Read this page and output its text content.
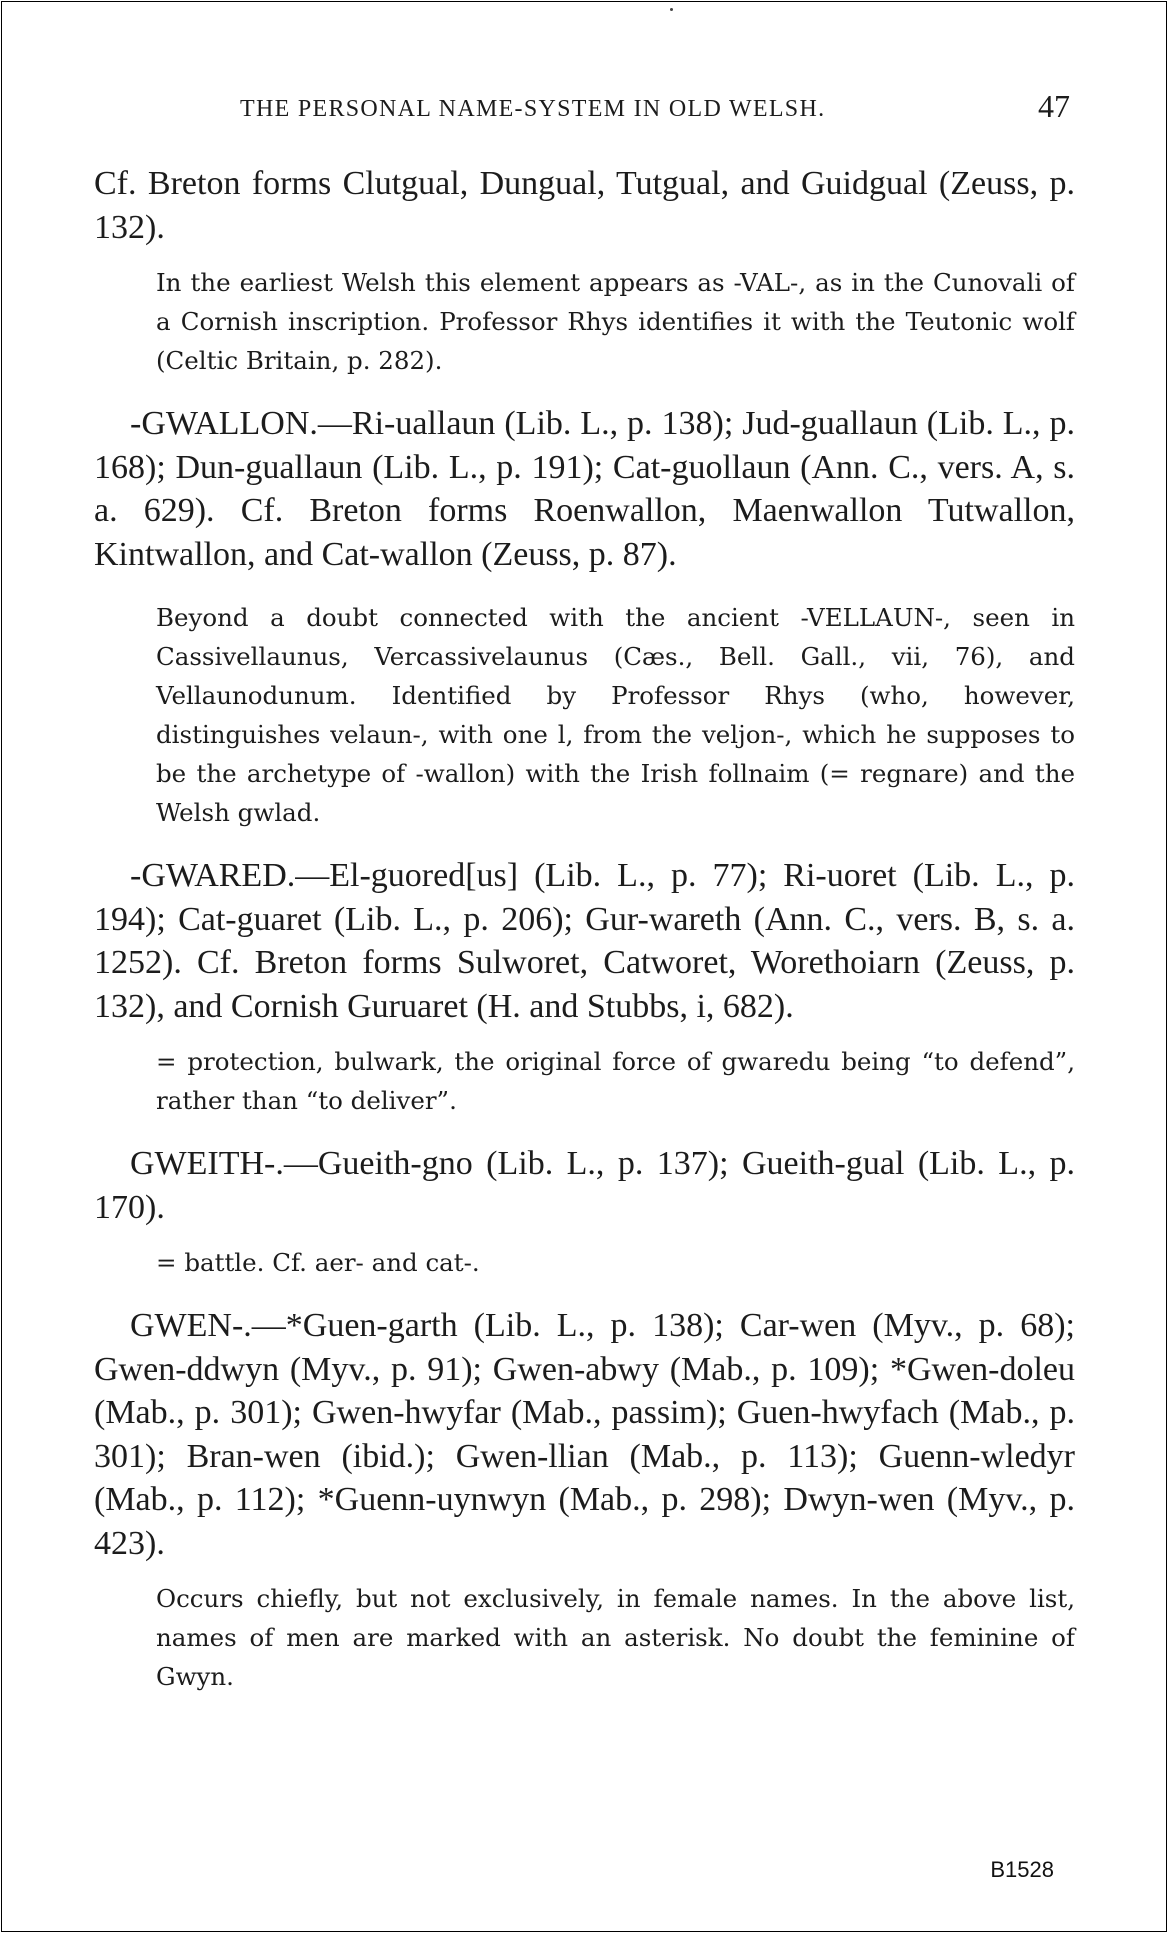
THE PERSONAL NAME-SYSTEM IN OLD WELSH.	47

Cf. Breton forms Clutgual, Dungual, Tutgual, and Guidgual (Zeuss, p. 132).

In the earliest Welsh this element appears as -VAL-, as in the Cunovali of a Cornish inscription. Professor Rhys identifies it with the Teutonic wolf (Celtic Britain, p. 282).

-GWALLON.—Ri-uallaun (Lib. L., p. 138); Jud-guallaun (Lib. L., p. 168); Dun-guallaun (Lib. L., p. 191); Cat-guollaun (Ann. C., vers. A, s. a. 629). Cf. Breton forms Roenwallon, Maenwallon Tutwallon, Kintwallon, and Cat-wallon (Zeuss, p. 87).

Beyond a doubt connected with the ancient -VELLAUN-, seen in Cassivellaunus, Vercassivelaunus (Cæs., Bell. Gall., vii, 76), and Vellaunodunum. Identified by Professor Rhys (who, however, distinguishes velaun-, with one l, from the veljon-, which he supposes to be the archetype of -wallon) with the Irish follnaim (= regnare) and the Welsh gwlad.

-GWARED.—El-guored[us] (Lib. L., p. 77); Ri-uoret (Lib. L., p. 194); Cat-guaret (Lib. L., p. 206); Gur-wareth (Ann. C., vers. B, s. a. 1252). Cf. Breton forms Sulworet, Catworet, Worethoiarn (Zeuss, p. 132), and Cornish Guruaret (H. and Stubbs, i, 682).

= protection, bulwark, the original force of gwaredu being “to defend”, rather than “to deliver”.

GWEITH-.—Gueith-gno (Lib. L., p. 137); Gueith-gual (Lib. L., p. 170).

= battle. Cf. aer- and cat-.

GWEN-.—*Guen-garth (Lib. L., p. 138); Car-wen (Myv., p. 68); Gwen-ddwyn (Myv., p. 91); Gwen-abwy (Mab., p. 109); *Gwen-doleu (Mab., p. 301); Gwen-hwyfar (Mab., passim); Guen-hwyfach (Mab., p. 301); Bran-wen (ibid.); Gwen-llian (Mab., p. 113); Guenn-wledyr (Mab., p. 112); *Guenn-uynwyn (Mab., p. 298); Dwyn-wen (Myv., p. 423).

Occurs chiefly, but not exclusively, in female names. In the above list, names of men are marked with an asterisk. No doubt the feminine of Gwyn.

B1528
